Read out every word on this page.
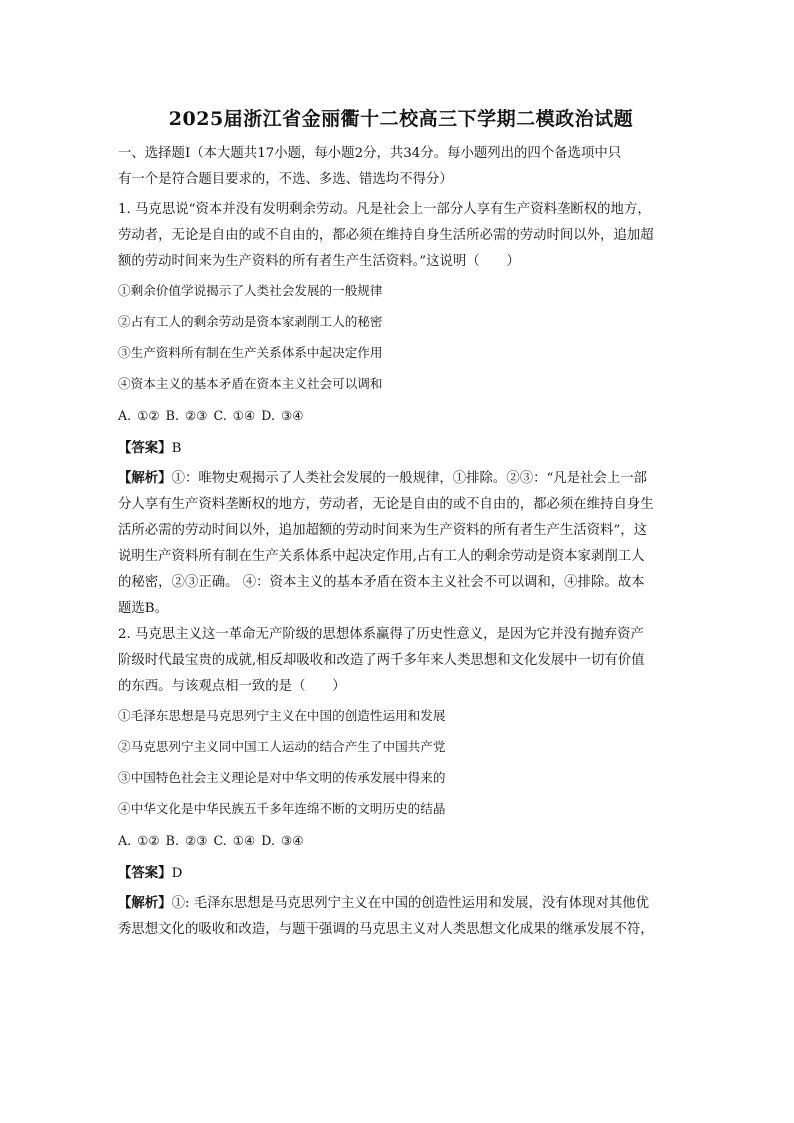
2025届浙江省金丽衢十二校高三下学期二模政治试题

一、选择题Ⅰ（本大题共17小题，每小题2分，共34分。每小题列出的四个备选项中只

有一个是符合题目要求的，不选、多选、错选均不得分）

1. 马克思说“资本并没有发明剩余劳动。凡是社会上一部分人享有生产资料垄断权的地方，

劳动者，无论是自由的或不自由的，都必须在维持自身生活所必需的劳动时间以外，追加超

额的劳动时间来为生产资料的所有者生产生活资料。”这说明（　　）

①剩余价值学说揭示了人类社会发展的一般规律

②占有工人的剩余劳动是资本家剥削工人的秘密

③生产资料所有制在生产关系体系中起决定作用

④资本主义的基本矛盾在资本主义社会可以调和

A. ①② B. ②③ C. ①④ D. ③④

【答案】B

【解析】①：唯物史观揭示了人类社会发展的一般规律，①排除。②③：“凡是社会上一部

分人享有生产资料垄断权的地方，劳动者，无论是自由的或不自由的，都必须在维持自身生

活所必需的劳动时间以外，追加超额的劳动时间来为生产资料的所有者生产生活资料”，这

说明生产资料所有制在生产关系体系中起决定作用,占有工人的剩余劳动是资本家剥削工人

的秘密，②③正确。 ④：资本主义的基本矛盾在资本主义社会不可以调和，④排除。故本

题选B。

2. 马克思主义这一革命无产阶级的思想体系赢得了历史性意义，是因为它并没有抛弃资产

阶级时代最宝贵的成就,相反却吸收和改造了两千多年来人类思想和文化发展中一切有价值

的东西。与该观点相一致的是（　　）

①毛泽东思想是马克思列宁主义在中国的创造性运用和发展

②马克思列宁主义同中国工人运动的结合产生了中国共产党

③中国特色社会主义理论是对中华文明的传承发展中得来的

④中华文化是中华民族五千多年连绵不断的文明历史的结晶

A. ①② B. ②③ C. ①④ D. ③④

【答案】D

【解析】①: 毛泽东思想是马克思列宁主义在中国的创造性运用和发展，没有体现对其他优

秀思想文化的吸收和改造，与题干强调的马克思主义对人类思想文化成果的继承发展不符，
